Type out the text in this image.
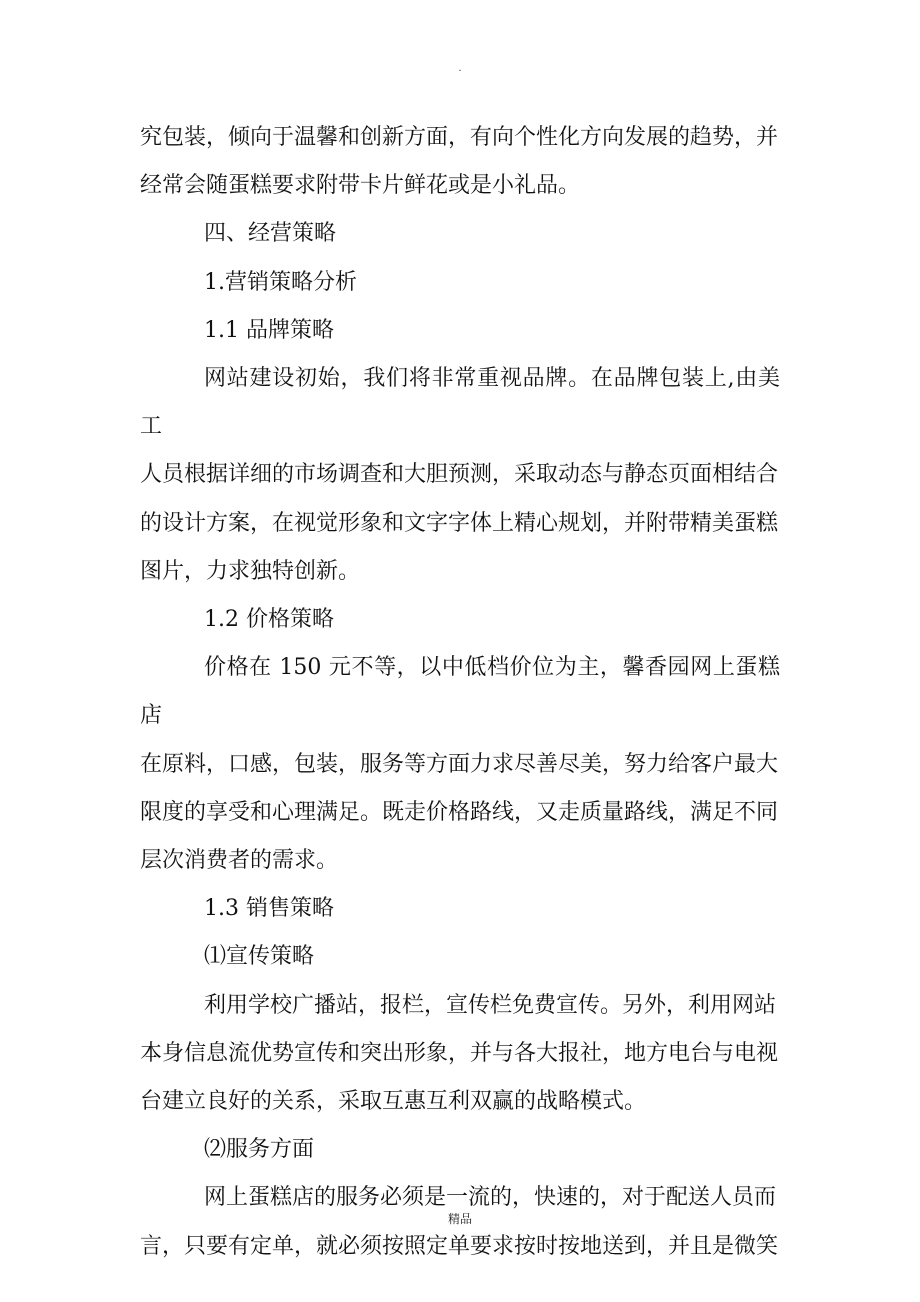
.
究包装，倾向于温馨和创新方面，有向个性化方向发展的趋势，并
经常会随蛋糕要求附带卡片鲜花或是小礼品。
四、经营策略
1.营销策略分析
1.1 品牌策略
网站建设初始，我们将非常重视品牌。在品牌包装上,由美工
人员根据详细的市场调查和大胆预测，采取动态与静态页面相结合
的设计方案，在视觉形象和文字字体上精心规划，并附带精美蛋糕
图片，力求独特创新。
1.2 价格策略
价格在 150 元不等，以中低档价位为主，馨香园网上蛋糕店
在原料，口感，包装，服务等方面力求尽善尽美，努力给客户最大
限度的享受和心理满足。既走价格路线，又走质量路线，满足不同
层次消费者的需求。
1.3 销售策略
⑴宣传策略
利用学校广播站，报栏，宣传栏免费宣传。另外，利用网站
本身信息流优势宣传和突出形象，并与各大报社，地方电台与电视
台建立良好的关系，采取互惠互利双赢的战略模式。
⑵服务方面
网上蛋糕店的服务必须是一流的，快速的，对于配送人员而
言，只要有定单，就必须按照定单要求按时按地送到，并且是微笑
精品
